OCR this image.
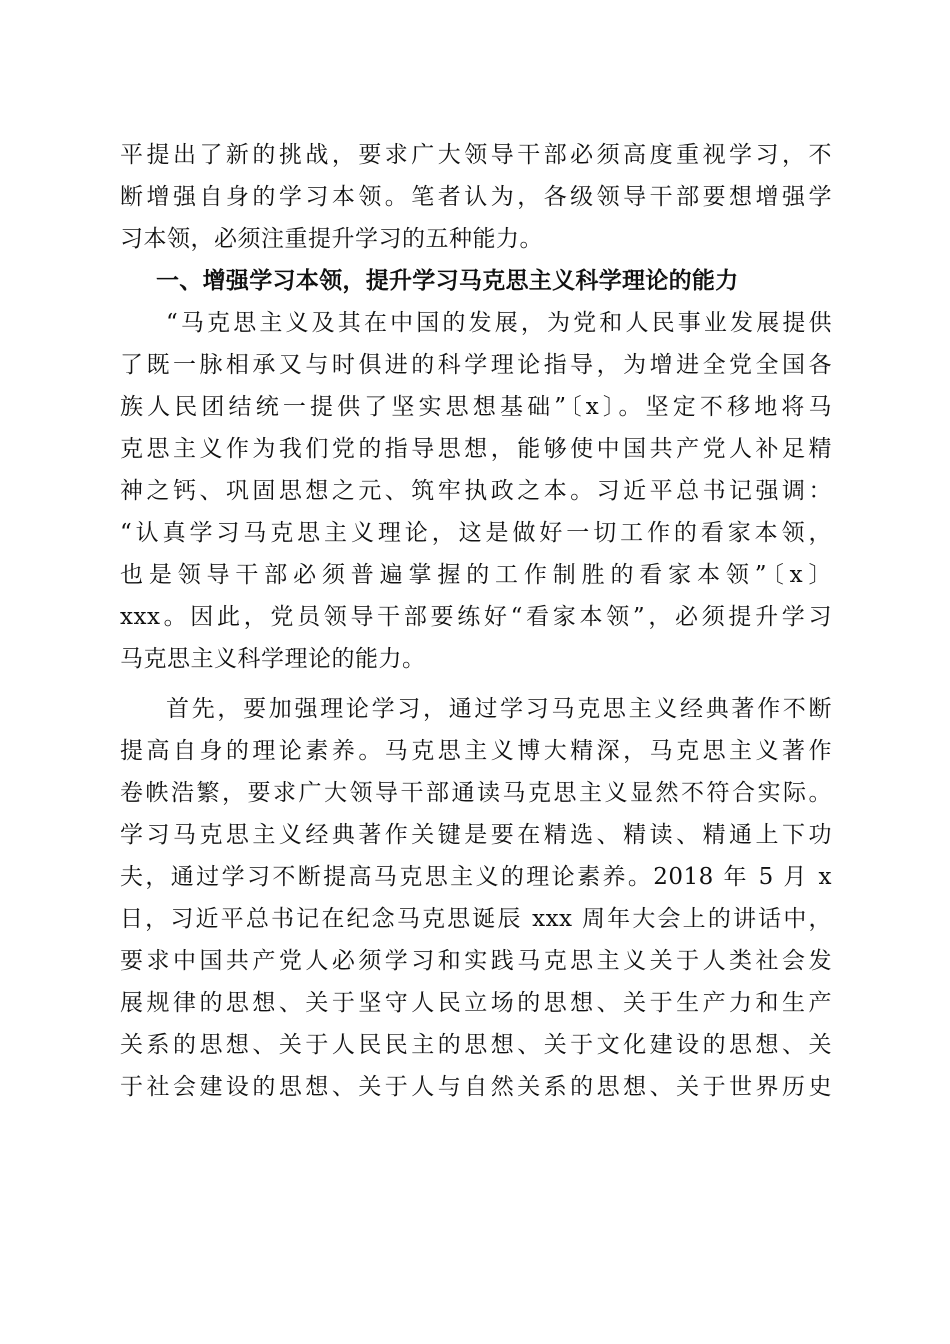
平提出了新的挑战，要求广大领导干部必须高度重视学习，不
断增强自身的学习本领。笔者认为，各级领导干部要想增强学
习本领，必须注重提升学习的五种能力。
一、增强学习本领，提升学习马克思主义科学理论的能力
“马克思主义及其在中国的发展，为党和人民事业发展提供
了既一脉相承又与时俱进的科学理论指导，为增进全党全国各
族人民团结统一提供了坚实思想基础”〔x〕。坚定不移地将马
克思主义作为我们党的指导思想，能够使中国共产党人补足精
神之钙、巩固思想之元、筑牢执政之本。习近平总书记强调：
“认真学习马克思主义理论，这是做好一切工作的看家本领，
也是领导干部必须普遍掌握的工作制胜的看家本领”〔x〕
xxx。因此，党员领导干部要练好“看家本领”，必须提升学习
马克思主义科学理论的能力。
首先，要加强理论学习，通过学习马克思主义经典著作不断
提高自身的理论素养。马克思主义博大精深，马克思主义著作
卷帙浩繁，要求广大领导干部通读马克思主义显然不符合实际。
学习马克思主义经典著作关键是要在精选、精读、精通上下功
夫，通过学习不断提高马克思主义的理论素养。2018 年 5 月 x
日，习近平总书记在纪念马克思诞辰 xxx 周年大会上的讲话中，
要求中国共产党人必须学习和实践马克思主义关于人类社会发
展规律的思想、关于坚守人民立场的思想、关于生产力和生产
关系的思想、关于人民民主的思想、关于文化建设的思想、关
于社会建设的思想、关于人与自然关系的思想、关于世界历史
